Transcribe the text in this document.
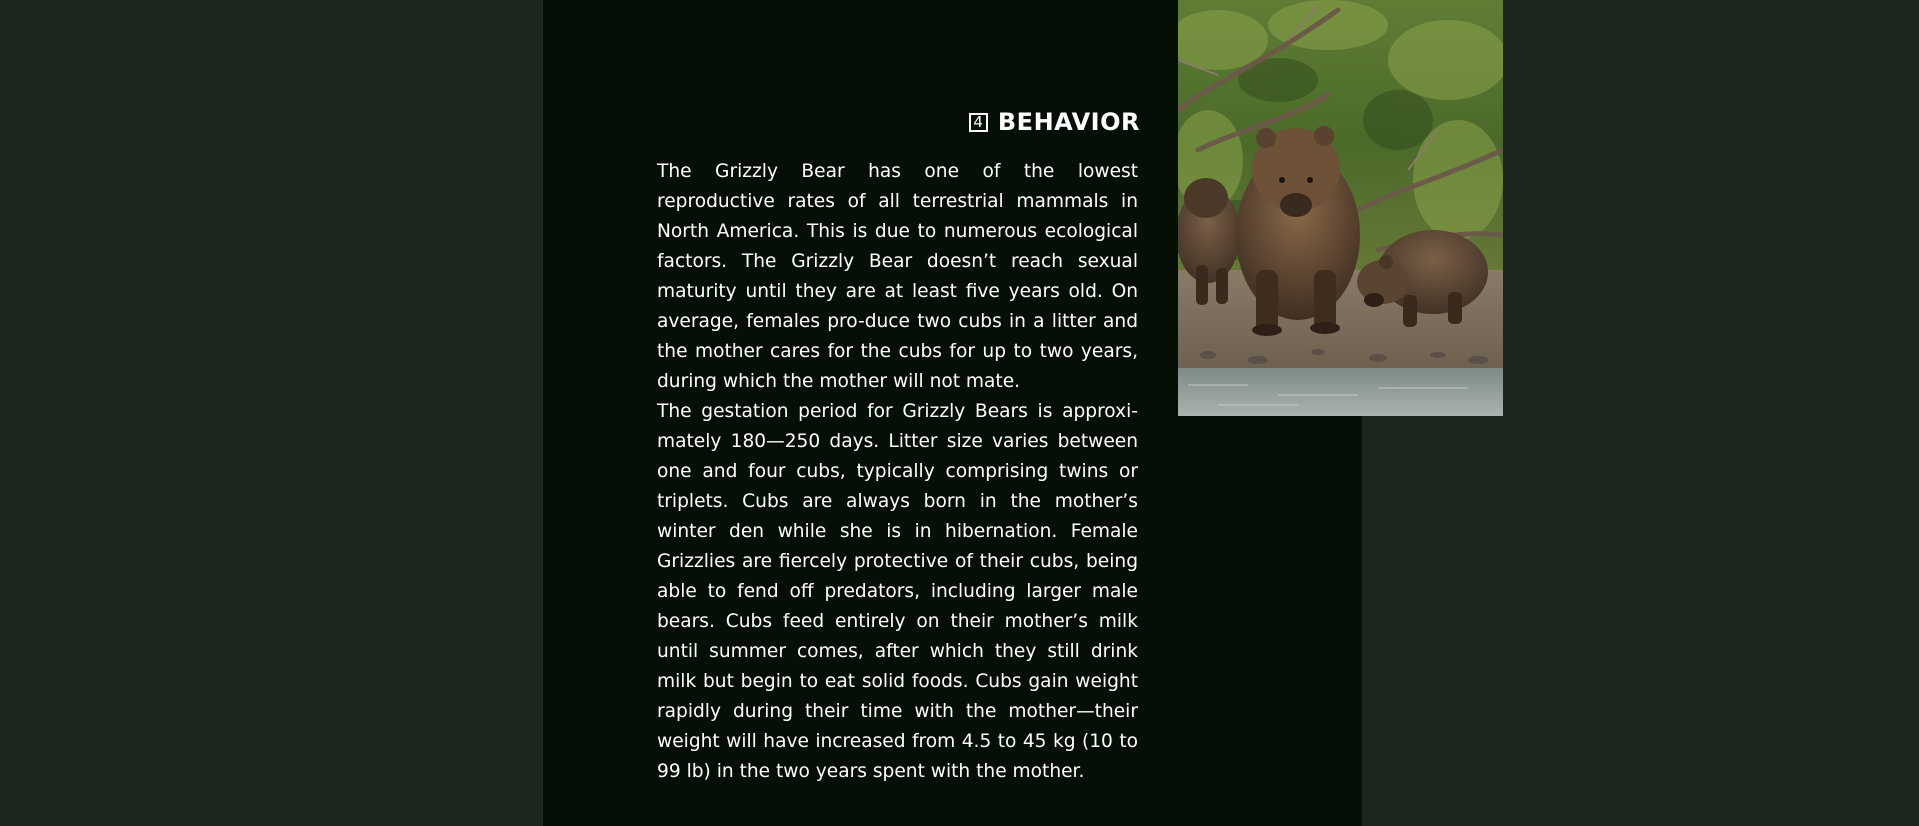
4 BEHAVIOR

The Grizzly Bear has one of the lowest reproductive rates of all terrestrial mammals in North America. This is due to numerous ecological factors. The Grizzly Bear doesn’t reach sexual maturity until they are at least five years old. On average, females pro-duce two cubs in a litter and the mother cares for the cubs for up to two years, during which the mother will not mate.

The gestation period for Grizzly Bears is approxi-mately 180—250 days. Litter size varies between one and four cubs, typically comprising twins or triplets. Cubs are always born in the mother’s winter den while she is in hibernation. Female Grizzlies are fiercely protective of their cubs, being able to fend off predators, including larger male bears. Cubs feed entirely on their mother’s milk until summer comes, after which they still drink milk but begin to eat solid foods. Cubs gain weight rapidly during their time with the mother—their weight will have increased from 4.5 to 45 kg (10 to 99 lb) in the two years spent with the mother.
